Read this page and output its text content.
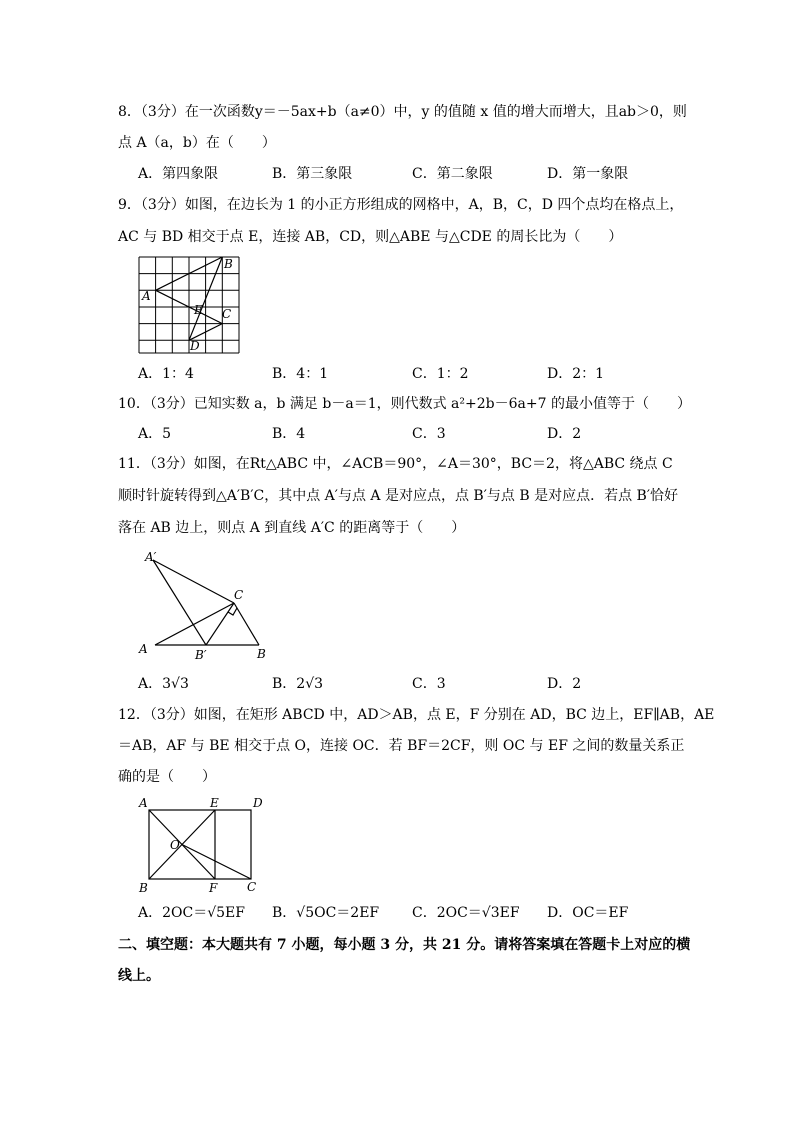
8．（3分）在一次函数y＝－5ax+b（a≠0）中，y 的值随 x 值的增大而增大，且ab＞0，则
点 A（a，b）在（　　）
A．第四象限	B．第三象限	C．第二象限	D．第一象限
9．（3分）如图，在边长为 1 的小正方形组成的网格中，A，B，C，D 四个点均在格点上，
AC 与 BD 相交于点 E，连接 AB，CD，则△ABE 与△CDE 的周长比为（　　）
A
B
C
D
E
A．1：4	B．4：1	C．1：2	D．2：1
10．（3分）已知实数 a，b 满足 b－a＝1，则代数式 a²+2b－6a+7 的最小值等于（　　）
A．5	B．4	C．3	D．2
11．（3分）如图，在Rt△ABC 中，∠ACB＝90°，∠A＝30°，BC＝2，将△ABC 绕点 C
顺时针旋转得到△A′B′C，其中点 A′与点 A 是对应点，点 B′与点 B 是对应点．若点 B′恰好
落在 AB 边上，则点 A 到直线 A′C 的距离等于（　　）
A′
C
A	B′	B
A．3√3	B．2√3	C．3	D．2
12．（3分）如图，在矩形 ABCD 中，AD＞AB，点 E，F 分别在 AD，BC 边上，EF∥AB，AE
＝AB，AF 与 BE 相交于点 O，连接 OC．若 BF＝2CF，则 OC 与 EF 之间的数量关系正
确的是（　　）
A	E	D
O
B	F C
A．2OC＝√5EF B．√5OC＝2EF C．2OC＝√3EF D．OC＝EF
二、填空题：本大题共有 7 小题，每小题 3 分，共 21 分。请将答案填在答题卡上对应的横
线上。
